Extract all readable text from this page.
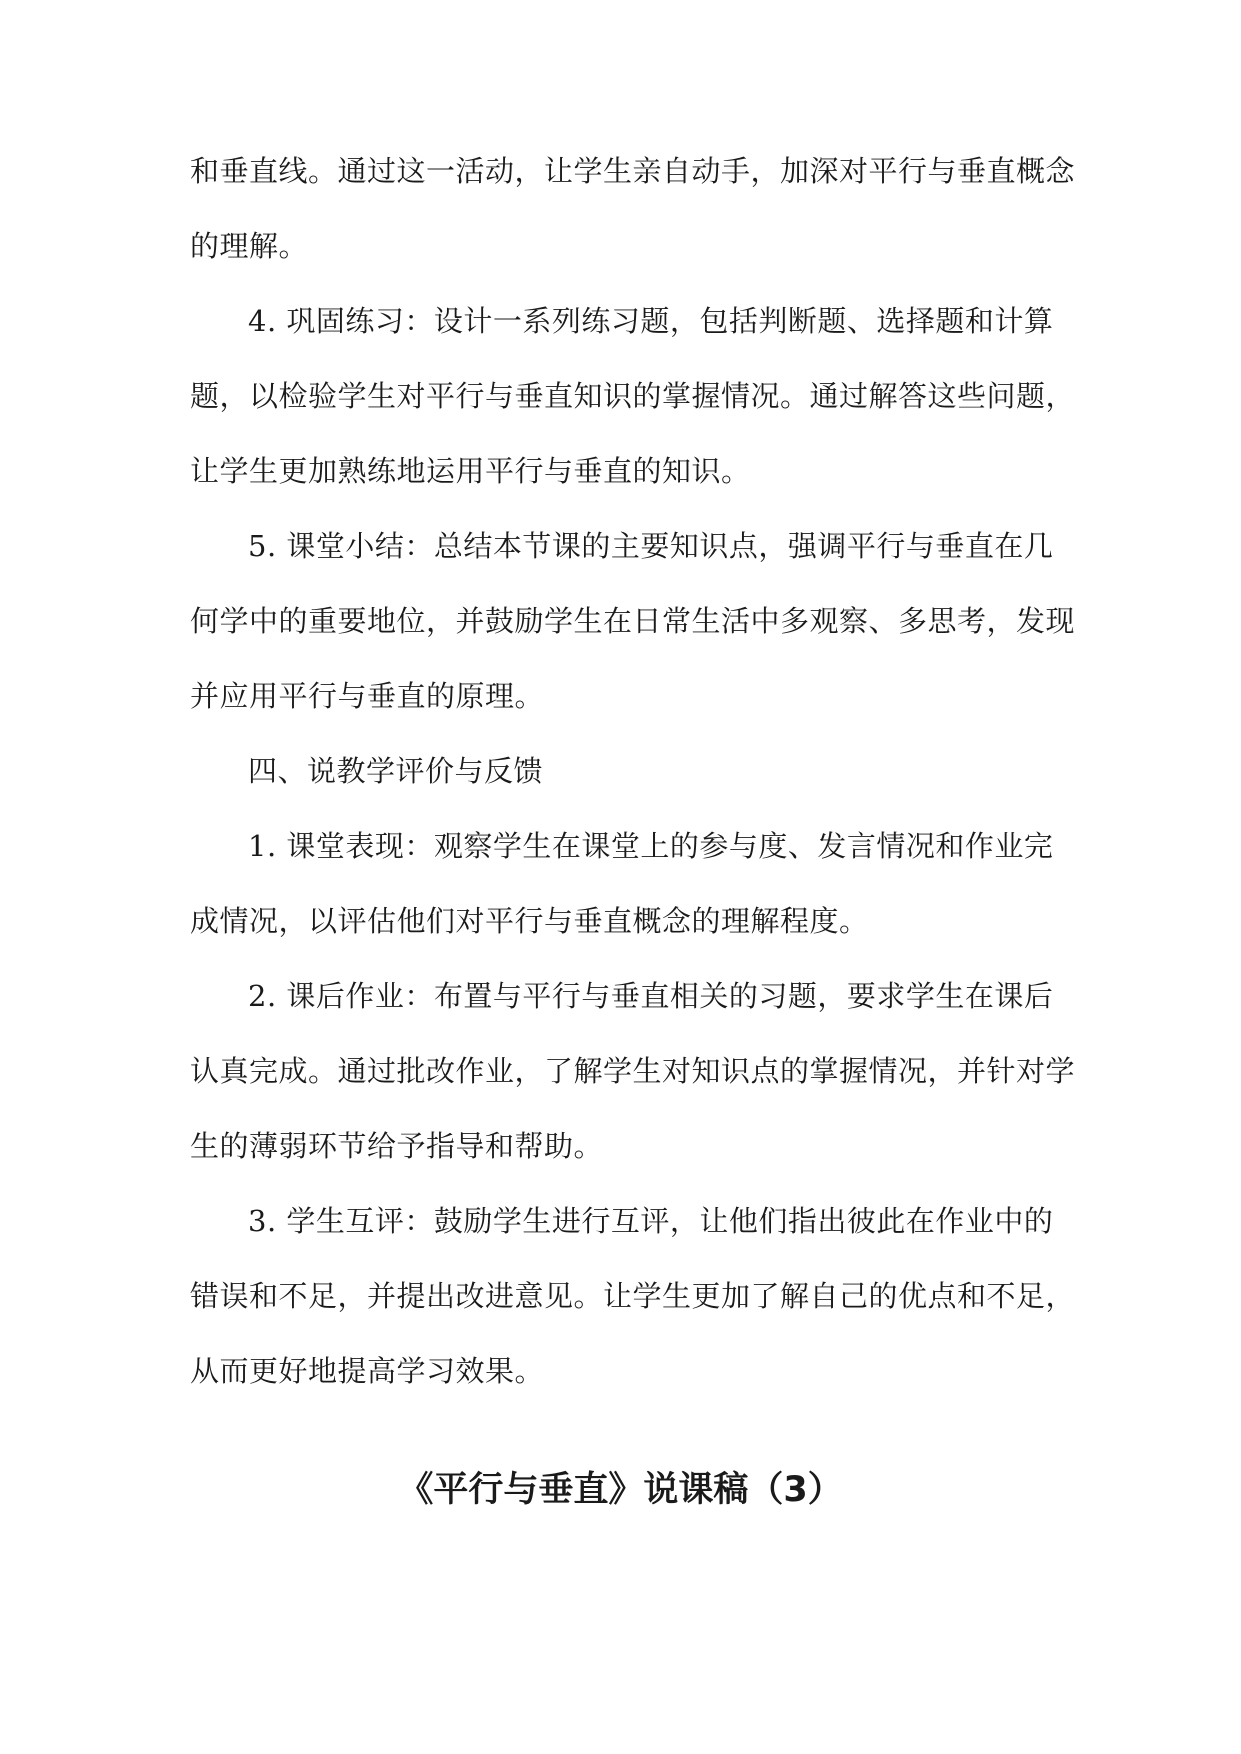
和垂直线。通过这一活动，让学生亲自动手，加深对平行与垂直概念
的理解。
4. 巩固练习：设计一系列练习题，包括判断题、选择题和计算
题，以检验学生对平行与垂直知识的掌握情况。通过解答这些问题，
让学生更加熟练地运用平行与垂直的知识。
5. 课堂小结：总结本节课的主要知识点，强调平行与垂直在几
何学中的重要地位，并鼓励学生在日常生活中多观察、多思考，发现
并应用平行与垂直的原理。
四、说教学评价与反馈
1. 课堂表现：观察学生在课堂上的参与度、发言情况和作业完
成情况，以评估他们对平行与垂直概念的理解程度。
2. 课后作业：布置与平行与垂直相关的习题，要求学生在课后
认真完成。通过批改作业，了解学生对知识点的掌握情况，并针对学
生的薄弱环节给予指导和帮助。
3. 学生互评：鼓励学生进行互评，让他们指出彼此在作业中的
错误和不足，并提出改进意见。让学生更加了解自己的优点和不足，
从而更好地提高学习效果。
《平行与垂直》说课稿（3）
